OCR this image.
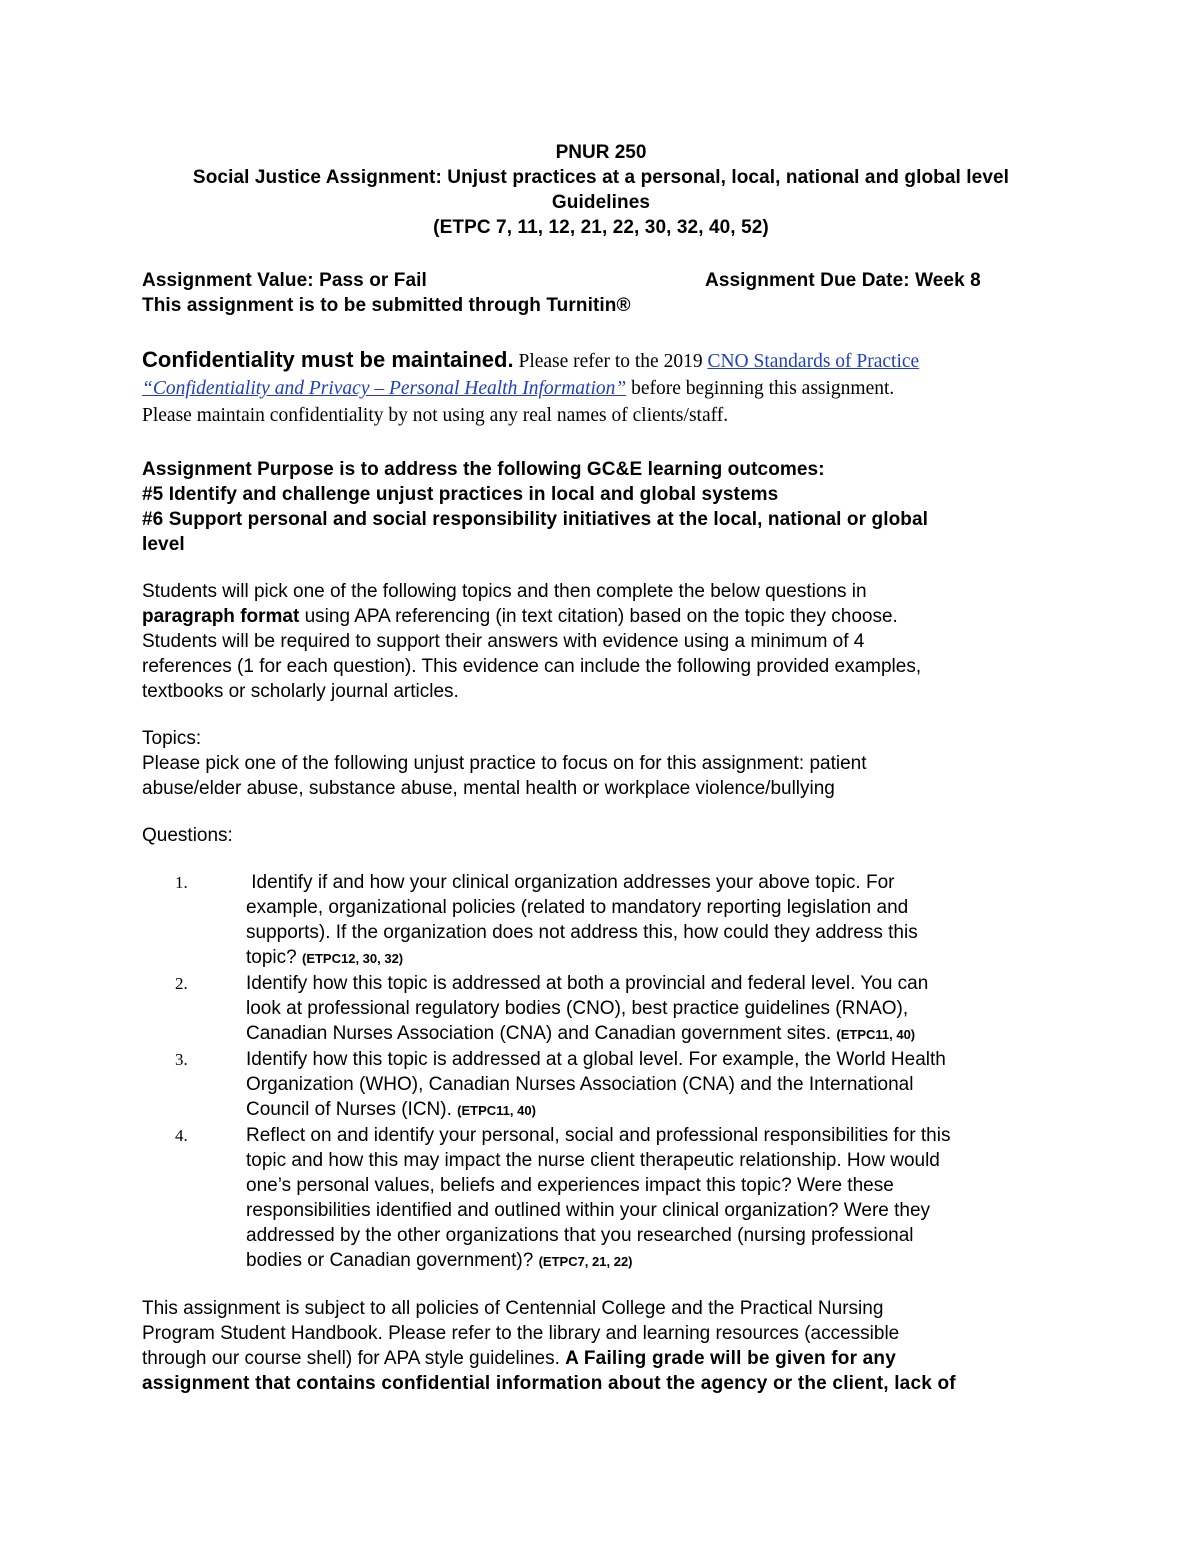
PNUR 250
Social Justice Assignment: Unjust practices at a personal, local, national and global level
Guidelines
(ETPC 7, 11, 12, 21, 22, 30, 32, 40, 52)
Assignment Value: Pass or Fail	Assignment Due Date: Week 8
This assignment is to be submitted through Turnitin®
Confidentiality must be maintained. Please refer to the 2019 CNO Standards of Practice
“Confidentiality and Privacy – Personal Health Information” before beginning this assignment.
Please maintain confidentiality by not using any real names of clients/staff.
Assignment Purpose is to address the following GC&E learning outcomes:
#5 Identify and challenge unjust practices in local and global systems
#6 Support personal and social responsibility initiatives at the local, national or global
level
Students will pick one of the following topics and then complete the below questions in
paragraph format using APA referencing (in text citation) based on the topic they choose.
Students will be required to support their answers with evidence using a minimum of 4
references (1 for each question). This evidence can include the following provided examples,
textbooks or scholarly journal articles.
Topics:
Please pick one of the following unjust practice to focus on for this assignment: patient
abuse/elder abuse, substance abuse, mental health or workplace violence/bullying
Questions:
1.	Identify if and how your clinical organization addresses your above topic. For
example, organizational policies (related to mandatory reporting legislation and
supports). If the organization does not address this, how could they address this
topic? (ETPC12, 30, 32)
2.	Identify how this topic is addressed at both a provincial and federal level. You can
look at professional regulatory bodies (CNO), best practice guidelines (RNAO),
Canadian Nurses Association (CNA) and Canadian government sites. (ETPC11, 40)
3.	Identify how this topic is addressed at a global level. For example, the World Health
Organization (WHO), Canadian Nurses Association (CNA) and the International
Council of Nurses (ICN). (ETPC11, 40)
4.	Reflect on and identify your personal, social and professional responsibilities for this
topic and how this may impact the nurse client therapeutic relationship. How would
one’s personal values, beliefs and experiences impact this topic? Were these
responsibilities identified and outlined within your clinical organization? Were they
addressed by the other organizations that you researched (nursing professional
bodies or Canadian government)? (ETPC7, 21, 22)
This assignment is subject to all policies of Centennial College and the Practical Nursing
Program Student Handbook. Please refer to the library and learning resources (accessible
through our course shell) for APA style guidelines. A Failing grade will be given for any
assignment that contains confidential information about the agency or the client, lack of
